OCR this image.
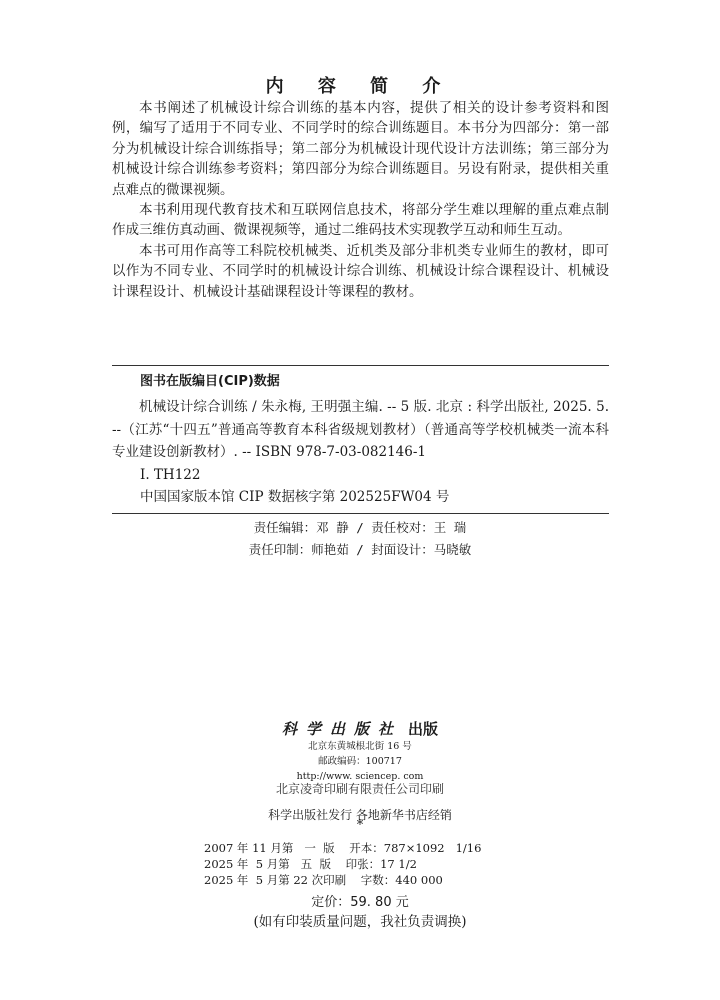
内 容 简 介

本书阐述了机械设计综合训练的基本内容，提供了相关的设计参考资料和图例，编写了适用于不同专业、不同学时的综合训练题目。本书分为四部分：第一部分为机械设计综合训练指导；第二部分为机械设计现代设计方法训练；第三部分为机械设计综合训练参考资料；第四部分为综合训练题目。另设有附录，提供相关重点难点的微课视频。

本书利用现代教育技术和互联网信息技术，将部分学生难以理解的重点难点制作成三维仿真动画、微课视频等，通过二维码技术实现教学互动和师生互动。

本书可用作高等工科院校机械类、近机类及部分非机类专业师生的教材，即可以作为不同专业、不同学时的机械设计综合训练、机械设计综合课程设计、机械设计课程设计、机械设计基础课程设计等课程的教材。

图书在版编目(CIP)数据

机械设计综合训练 / 朱永梅, 王明强主编. -- 5 版. 北京 : 科学出版社, 2025. 5. --（江苏“十四五”普通高等教育本科省级规划教材）（普通高等学校机械类一流本科专业建设创新教材）. -- ISBN 978-7-03-082146-1

Ⅰ. TH122

中国国家版本馆 CIP 数据核字第 202525FW04 号

责任编辑：邓 静 / 责任校对：王 瑞
责任印制：师艳茹 / 封面设计：马晓敏
科学出版社 出版
北京东黄城根北街 16 号
邮政编码：100717
http://www. sciencep. com
北京凌奇印刷有限责任公司印刷
科学出版社发行 各地新华书店经销
*
2007 年 11 月第   一  版    开本：787×1092   1/16
2025 年  5 月第   五  版    印张：17 1/2
2025 年  5 月第 22 次印刷    字数：440 000
定价：59. 80 元
(如有印装质量问题，我社负责调换)
